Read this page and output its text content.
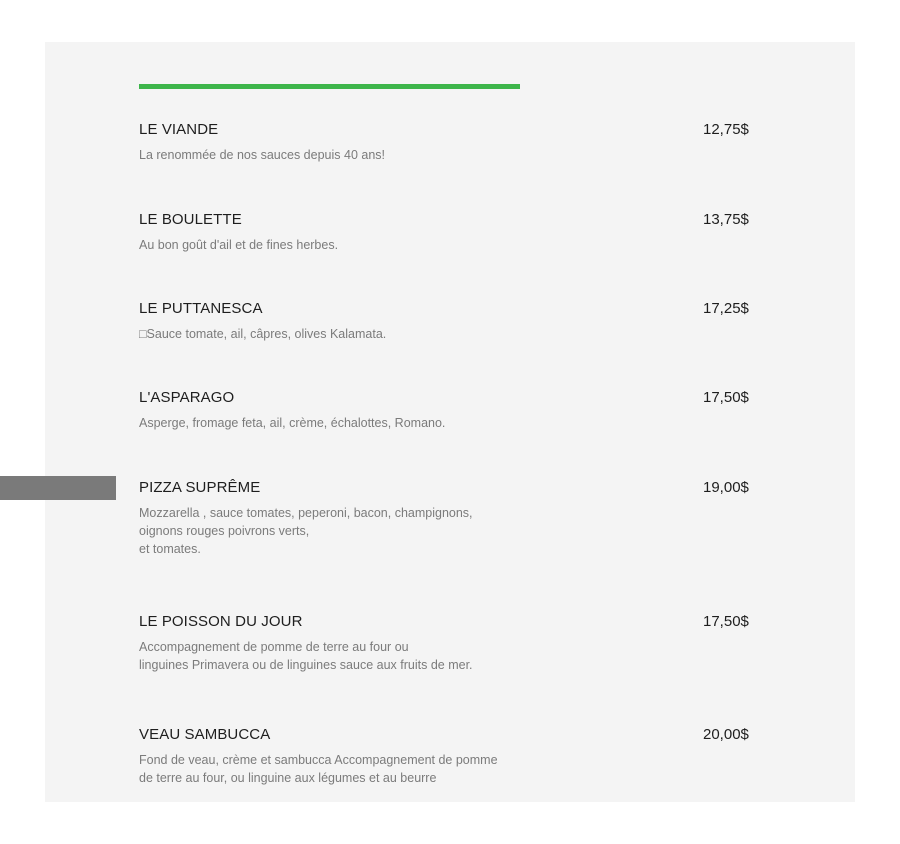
LE VIANDE	12,75$
La renommée de nos sauces depuis 40 ans!
LE BOULETTE	13,75$
Au bon goût d'ail et de fines herbes.
LE PUTTANESCA	17,25$
□Sauce tomate, ail, câpres, olives Kalamata.
L'ASPARAGO	17,50$
Asperge, fromage feta, ail, crème, échalottes, Romano.
PIZZA SUPRÊME	19,00$
Mozzarella , sauce tomates, peperoni, bacon, champignons,
oignons rouges poivrons verts,
et tomates.
LE POISSON DU JOUR	17,50$
Accompagnement de pomme de terre au four ou
linguines Primavera ou de linguines sauce aux fruits de mer.
VEAU SAMBUCCA	20,00$
Fond de veau, crème et sambucca Accompagnement de pomme
de terre au four, ou linguine aux légumes et au beurre
